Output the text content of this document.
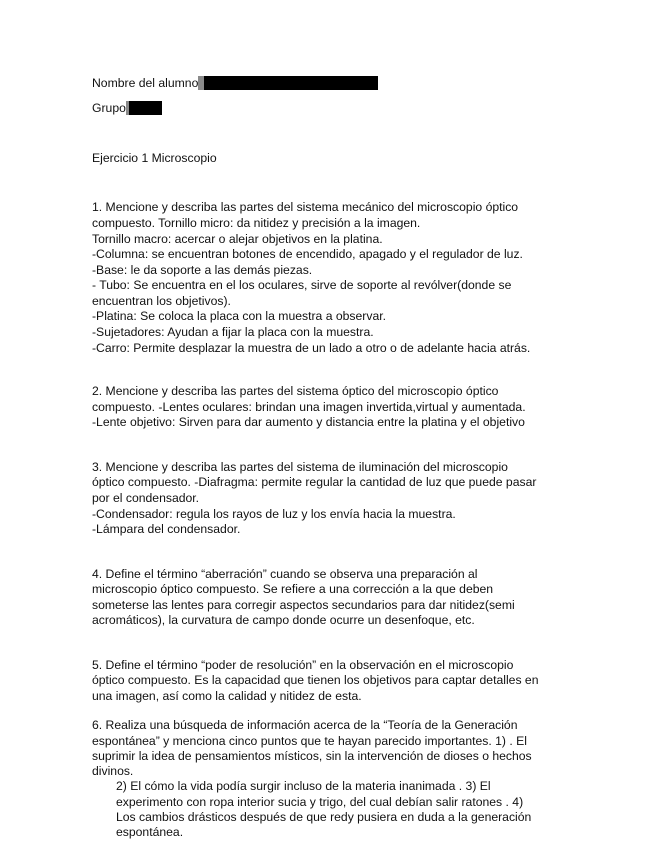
Nombre del alumno
Grupo
Ejercicio 1 Microscopio
1. Mencione y describa las partes del sistema mecánico del microscopio óptico
compuesto. Tornillo micro: da nitidez y precisión a la imagen.
Tornillo macro: acercar o alejar objetivos en la platina.
-Columna: se encuentran botones de encendido, apagado y el regulador de luz.
-Base: le da soporte a las demás piezas.
- Tubo: Se encuentra en el los oculares, sirve de soporte al revólver(donde se
encuentran los objetivos).
-Platina: Se coloca la placa con la muestra a observar.
-Sujetadores: Ayudan a fijar la placa con la muestra.
-Carro: Permite desplazar la muestra de un lado a otro o de adelante hacia atrás.
2. Mencione y describa las partes del sistema óptico del microscopio óptico
compuesto. -Lentes oculares: brindan una imagen invertida,virtual y aumentada.
-Lente objetivo: Sirven para dar aumento y distancia entre la platina y el objetivo
3. Mencione y describa las partes del sistema de iluminación del microscopio
óptico compuesto. -Diafragma: permite regular la cantidad de luz que puede pasar
por el condensador.
-Condensador: regula los rayos de luz y los envía hacia la muestra.
-Lámpara del condensador.
4. Define el término “aberración” cuando se observa una preparación al
microscopio óptico compuesto. Se refiere a una corrección a la que deben
someterse las lentes para corregir aspectos secundarios para dar nitidez(semi
acromáticos), la curvatura de campo donde ocurre un desenfoque, etc.
5. Define el término “poder de resolución” en la observación en el microscopio
óptico compuesto. Es la capacidad que tienen los objetivos para captar detalles en
una imagen, así como la calidad y nitidez de esta.
6. Realiza una búsqueda de información acerca de la “Teoría de la Generación
espontánea” y menciona cinco puntos que te hayan parecido importantes. 1) . El
suprimir la idea de pensamientos místicos, sin la intervención de dioses o hechos
divinos.
2) El cómo la vida podía surgir incluso de la materia inanimada . 3) El
experimento con ropa interior sucia y trigo, del cual debían salir ratones . 4)
Los cambios drásticos después de que redy pusiera en duda a la generación
espontánea.
